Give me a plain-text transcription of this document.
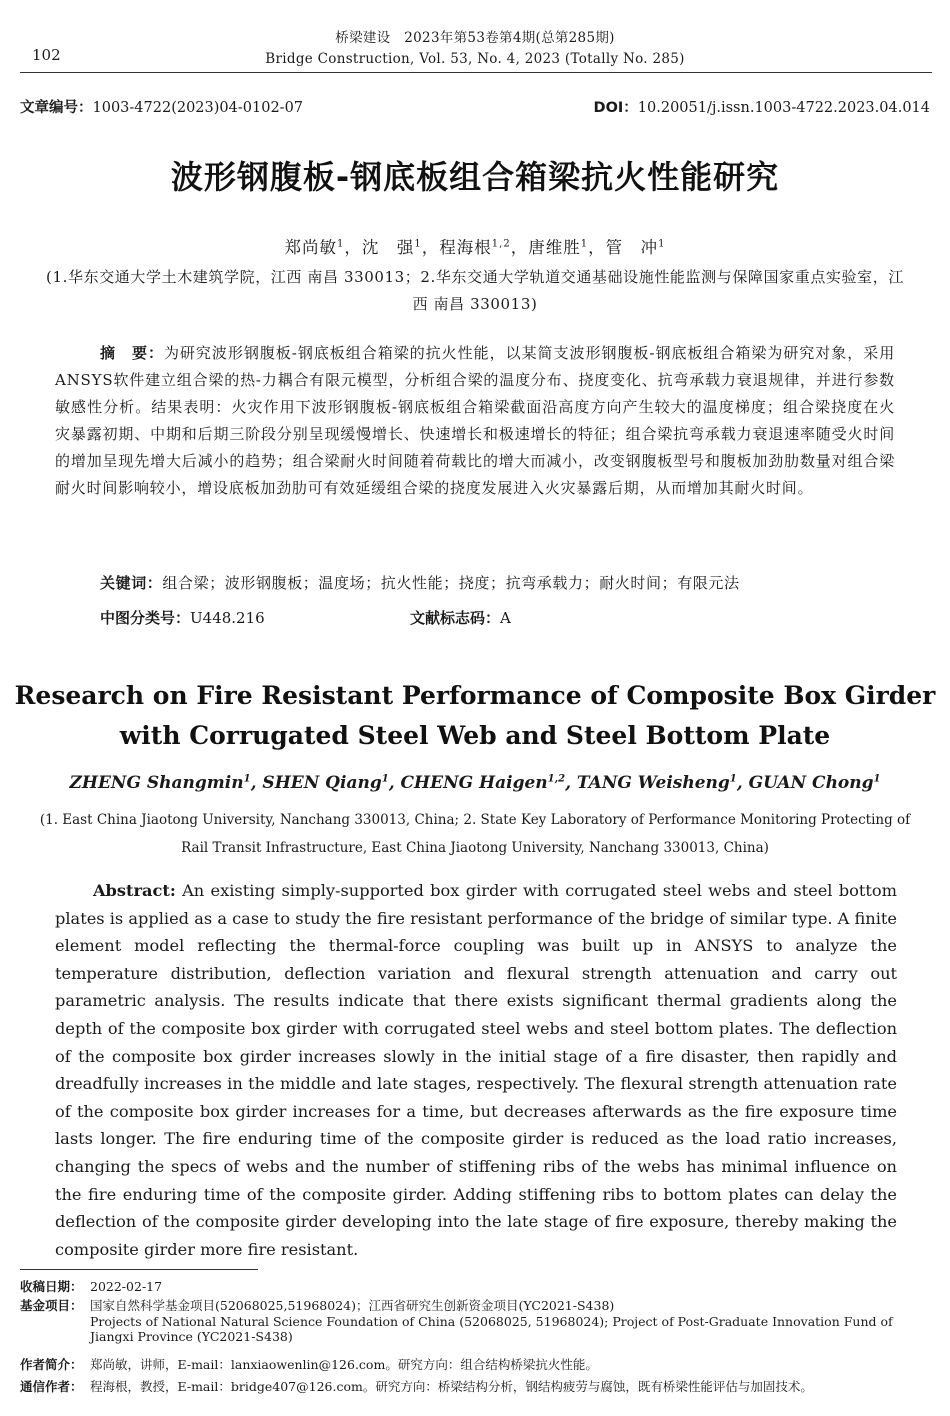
102
桥梁建设　2023年第53卷第4期(总第285期)
Bridge Construction, Vol. 53, No. 4, 2023 (Totally No. 285)
文章编号：1003-4722(2023)04-0102-07	DOI：10.20051/j.issn.1003-4722.2023.04.014
波形钢腹板-钢底板组合箱梁抗火性能研究
郑尚敏$^1$，沈　强$^1$，程海根$^{1,2}$，唐维胜$^1$，管　冲$^1$
(1.华东交通大学土木建筑学院，江西 南昌 330013；2.华东交通大学轨道交通基础设施性能监测与保障国家重点实验室，江西 南昌 330013)
摘　要：为研究波形钢腹板-钢底板组合箱梁的抗火性能，以某简支波形钢腹板-钢底板组合箱梁为研究对象，采用ANSYS软件建立组合梁的热-力耦合有限元模型，分析组合梁的温度分布、挠度变化、抗弯承载力衰退规律，并进行参数敏感性分析。结果表明：火灾作用下波形钢腹板-钢底板组合箱梁截面沿高度方向产生较大的温度梯度；组合梁挠度在火灾暴露初期、中期和后期三阶段分别呈现缓慢增长、快速增长和极速增长的特征；组合梁抗弯承载力衰退速率随受火时间的增加呈现先增大后减小的趋势；组合梁耐火时间随着荷载比的增大而减小，改变钢腹板型号和腹板加劲肋数量对组合梁耐火时间影响较小，增设底板加劲肋可有效延缓组合梁的挠度发展进入火灾暴露后期，从而增加其耐火时间。
关键词：组合梁；波形钢腹板；温度场；抗火性能；挠度；抗弯承载力；耐火时间；有限元法
中图分类号：U448.216	文献标志码：A
Research on Fire Resistant Performance of Composite Box Girder
with Corrugated Steel Web and Steel Bottom Plate
ZHENG Shangmin$^1$, SHEN Qiang$^1$, CHENG Haigen$^{1,2}$, TANG Weisheng$^1$, GUAN Chong$^1$
(1. East China Jiaotong University, Nanchang 330013, China; 2. State Key Laboratory of Performance Monitoring Protecting of Rail Transit Infrastructure, East China Jiaotong University, Nanchang 330013, China)
Abstract: An existing simply-supported box girder with corrugated steel webs and steel bottom plates is applied as a case to study the fire resistant performance of the bridge of similar type. A finite element model reflecting the thermal-force coupling was built up in ANSYS to analyze the temperature distribution, deflection variation and flexural strength attenuation and carry out parametric analysis. The results indicate that there exists significant thermal gradients along the depth of the composite box girder with corrugated steel webs and steel bottom plates. The deflection of the composite box girder increases slowly in the initial stage of a fire disaster, then rapidly and dreadfully increases in the middle and late stages, respectively. The flexural strength attenuation rate of the composite box girder increases for a time, but decreases afterwards as the fire exposure time lasts longer. The fire enduring time of the composite girder is reduced as the load ratio increases, changing the specs of webs and the number of stiffening ribs of the webs has minimal influence on the fire enduring time of the composite girder. Adding stiffening ribs to bottom plates can delay the deflection of the composite girder developing into the late stage of fire exposure, thereby making the composite girder more fire resistant.
收稿日期： 2022-02-17
基金项目： 国家自然科学基金项目(52068025,51968024)；江西省研究生创新资金项目(YC2021-S438)
Projects of National Natural Science Foundation of China (52068025, 51968024); Project of Post-Graduate Innovation Fund of Jiangxi Province (YC2021-S438)
作者简介： 郑尚敏，讲师，E-mail：lanxiaowenlin@126.com。研究方向：组合结构桥梁抗火性能。
通信作者： 程海根，教授，E-mail：bridge407@126.com。研究方向：桥梁结构分析，钢结构疲劳与腐蚀，既有桥梁性能评估与加固技术。
